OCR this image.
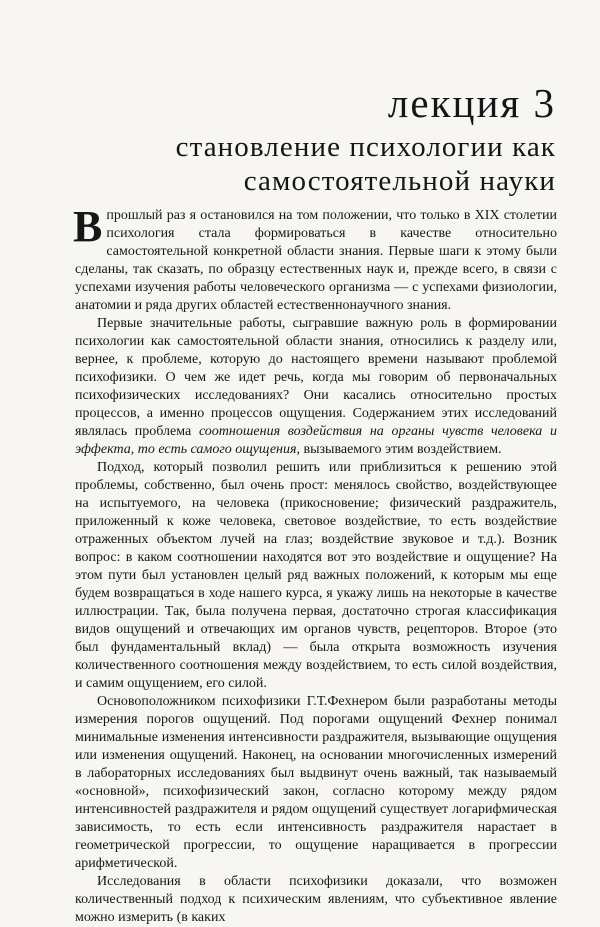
лекция 3
становление психологии как самостоятельной науки

Впрошлый раз я остановился на том положении, что только в XIX столетии психология стала формироваться в качестве относительно самостоятельной конкретной области знания. Первые шаги к этому были сделаны, так сказать, по образцу естественных наук и, прежде всего, в связи с успехами изучения работы человеческого организма — с успехами физиологии, анатомии и ряда других областей естественнонаучного знания.

Первые значительные работы, сыгравшие важную роль в формировании психологии как самостоятельной области знания, относились к разделу или, вернее, к проблеме, которую до настоящего времени называют проблемой психофизики. О чем же идет речь, когда мы говорим об первоначальных психофизических исследованиях? Они касались относительно простых процессов, а именно процессов ощущения. Содержанием этих исследований являлась проблема соотношения воздействия на органы чувств человека и эффекта, то есть самого ощущения, вызываемого этим воздействием.

Подход, который позволил решить или приблизиться к решению этой проблемы, собственно, был очень прост: менялось свойство, воздействующее на испытуемого, на человека (прикосновение; физический раздражитель, приложенный к коже человека, световое воздействие, то есть воздействие отраженных объектом лучей на глаз; воздействие звуковое и т.д.). Возник вопрос: в каком соотношении находятся вот это воздействие и ощущение? На этом пути был установлен целый ряд важных положений, к которым мы еще будем возвращаться в ходе нашего курса, я укажу лишь на некоторые в качестве иллюстрации. Так, была получена первая, достаточно строгая классификация видов ощущений и отвечающих им органов чувств, рецепторов. Второе (это был фундаментальный вклад) — была открыта возможность изучения количественного соотношения между воздействием, то есть силой воздействия, и самим ощущением, его силой.

Основоположником психофизики Г.Т.Фехнером были разработаны методы измерения порогов ощущений. Под порогами ощущений Фехнер понимал минимальные изменения интенсивности раздражителя, вызывающие ощущения или изменения ощущений. Наконец, на основании многочисленных измерений в лабораторных исследованиях был выдвинут очень важный, так называемый «основной», психофизический закон, согласно которому между рядом интенсивностей раздражителя и рядом ощущений существует логарифмическая зависимость, то есть если интенсивность раздражителя нарастает в геометрической прогрессии, то ощущение наращивается в прогрессии арифметической.

Исследования в области психофизики доказали, что возможен количественный подход к психическим явлениям, что субъективное явление можно измерить (в каких
